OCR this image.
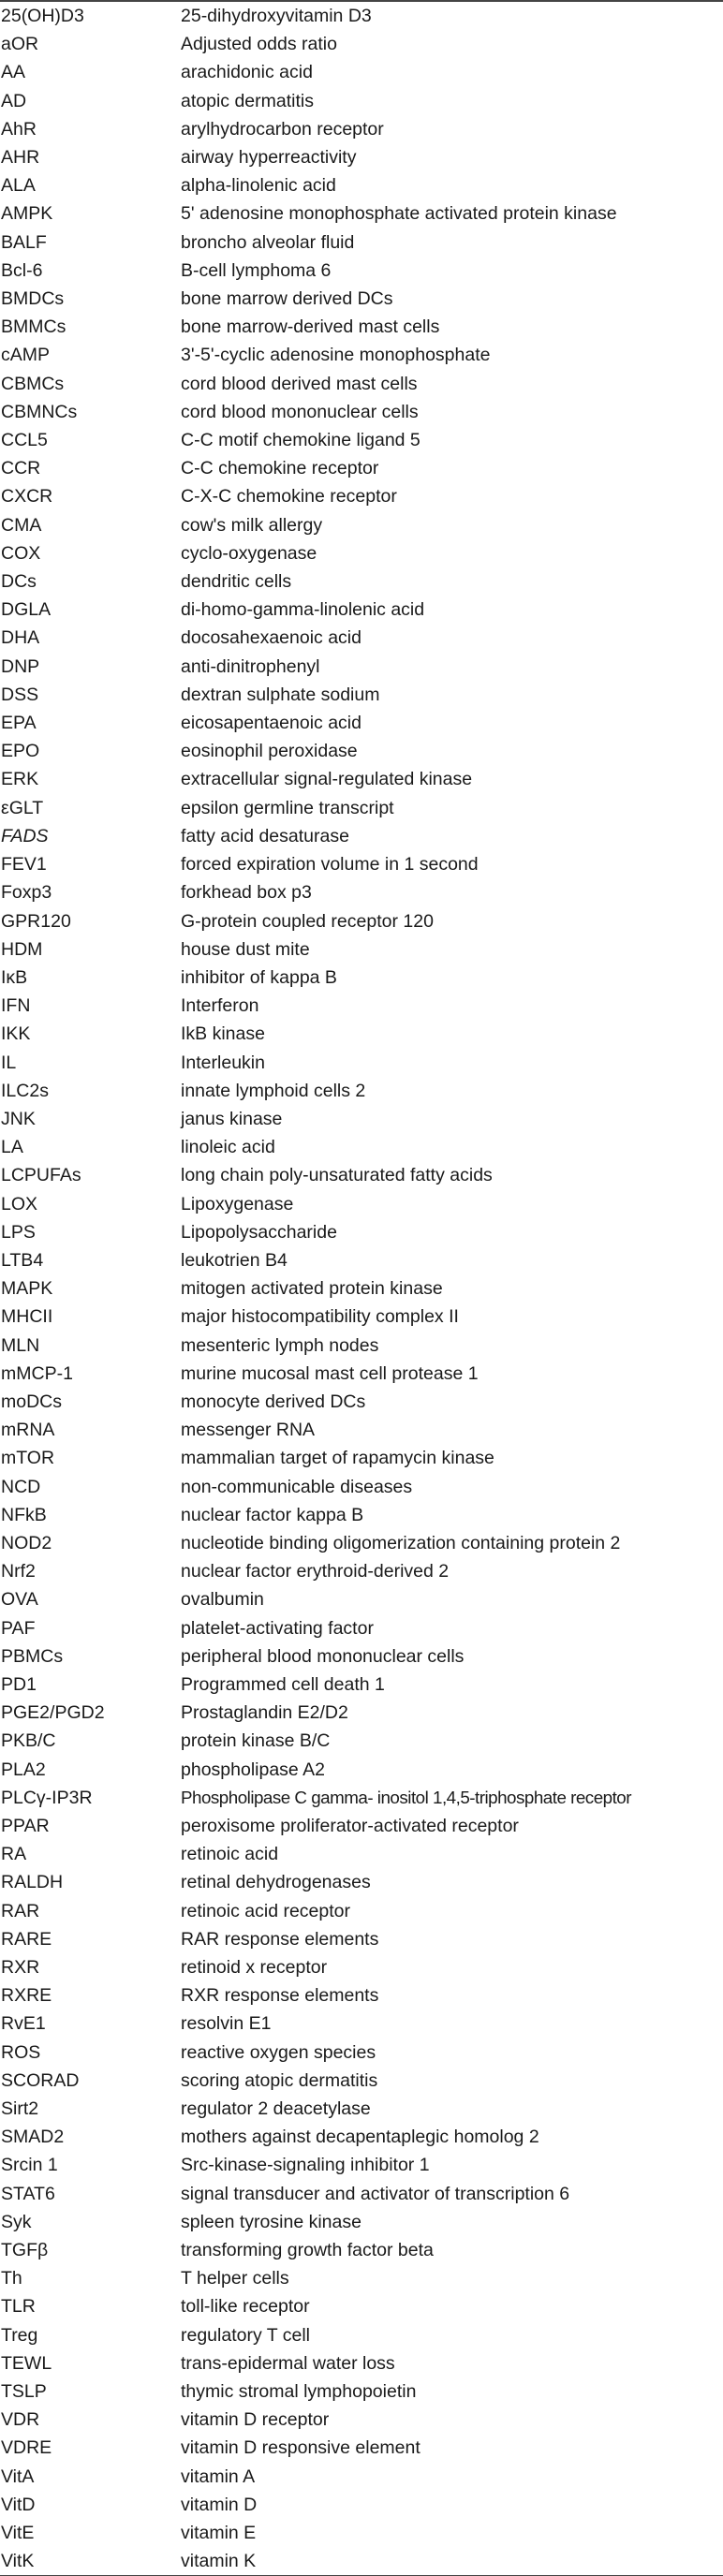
25(OH)D3	25-dihydroxyvitamin D3
aOR	Adjusted odds ratio
AA	arachidonic acid
AD	atopic dermatitis
AhR	arylhydrocarbon receptor
AHR	airway hyperreactivity
ALA	alpha-linolenic acid
AMPK	5' adenosine monophosphate activated protein kinase
BALF	broncho alveolar fluid
Bcl-6	B-cell lymphoma 6
BMDCs	bone marrow derived DCs
BMMCs	bone marrow-derived mast cells
cAMP	3'-5'-cyclic adenosine monophosphate
CBMCs	cord blood derived mast cells
CBMNCs	cord blood mononuclear cells
CCL5	C-C motif chemokine ligand 5
CCR	C-C chemokine receptor
CXCR	C-X-C chemokine receptor
CMA	cow's milk allergy
COX	cyclo-oxygenase
DCs	dendritic cells
DGLA	di-homo-gamma-linolenic acid
DHA	docosahexaenoic acid
DNP	anti-dinitrophenyl
DSS	dextran sulphate sodium
EPA	eicosapentaenoic acid
EPO	eosinophil peroxidase
ERK	extracellular signal-regulated kinase
εGLT	epsilon germline transcript
FADS	fatty acid desaturase
FEV1	forced expiration volume in 1 second
Foxp3	forkhead box p3
GPR120	G-protein coupled receptor 120
HDM	house dust mite
IκB	inhibitor of kappa B
IFN	Interferon
IKK	IkB kinase
IL	Interleukin
ILC2s	innate lymphoid cells 2
JNK	janus kinase
LA	linoleic acid
LCPUFAs	long chain poly-unsaturated fatty acids
LOX	Lipoxygenase
LPS	Lipopolysaccharide
LTB4	leukotrien B4
MAPK	mitogen activated protein kinase
MHCII	major histocompatibility complex II
MLN	mesenteric lymph nodes
mMCP-1	murine mucosal mast cell protease 1
moDCs	monocyte derived DCs
mRNA	messenger RNA
mTOR	mammalian target of rapamycin kinase
NCD	non-communicable diseases
NFkB	nuclear factor kappa B
NOD2	nucleotide binding oligomerization containing protein 2
Nrf2	nuclear factor erythroid-derived 2
OVA	ovalbumin
PAF	platelet-activating factor
PBMCs	peripheral blood mononuclear cells
PD1	Programmed cell death 1
PGE2/PGD2	Prostaglandin E2/D2
PKB/C	protein kinase B/C
PLA2	phospholipase A2
PLCγ-IP3R	Phospholipase C gamma- inositol 1,4,5-triphosphate receptor
PPAR	peroxisome proliferator-activated receptor
RA	retinoic acid
RALDH	retinal dehydrogenases
RAR	retinoic acid receptor
RARE	RAR response elements
RXR	retinoid x receptor
RXRE	RXR response elements
RvE1	resolvin E1
ROS	reactive oxygen species
SCORAD	scoring atopic dermatitis
Sirt2	regulator 2 deacetylase
SMAD2	mothers against decapentaplegic homolog 2
Srcin 1	Src-kinase-signaling inhibitor 1
STAT6	signal transducer and activator of transcription 6
Syk	spleen tyrosine kinase
TGFβ	transforming growth factor beta
Th	T helper cells
TLR	toll-like receptor
Treg	regulatory T cell
TEWL	trans-epidermal water loss
TSLP	thymic stromal lymphopoietin
VDR	vitamin D receptor
VDRE	vitamin D responsive element
VitA	vitamin A
VitD	vitamin D
VitE	vitamin E
VitK	vitamin K
